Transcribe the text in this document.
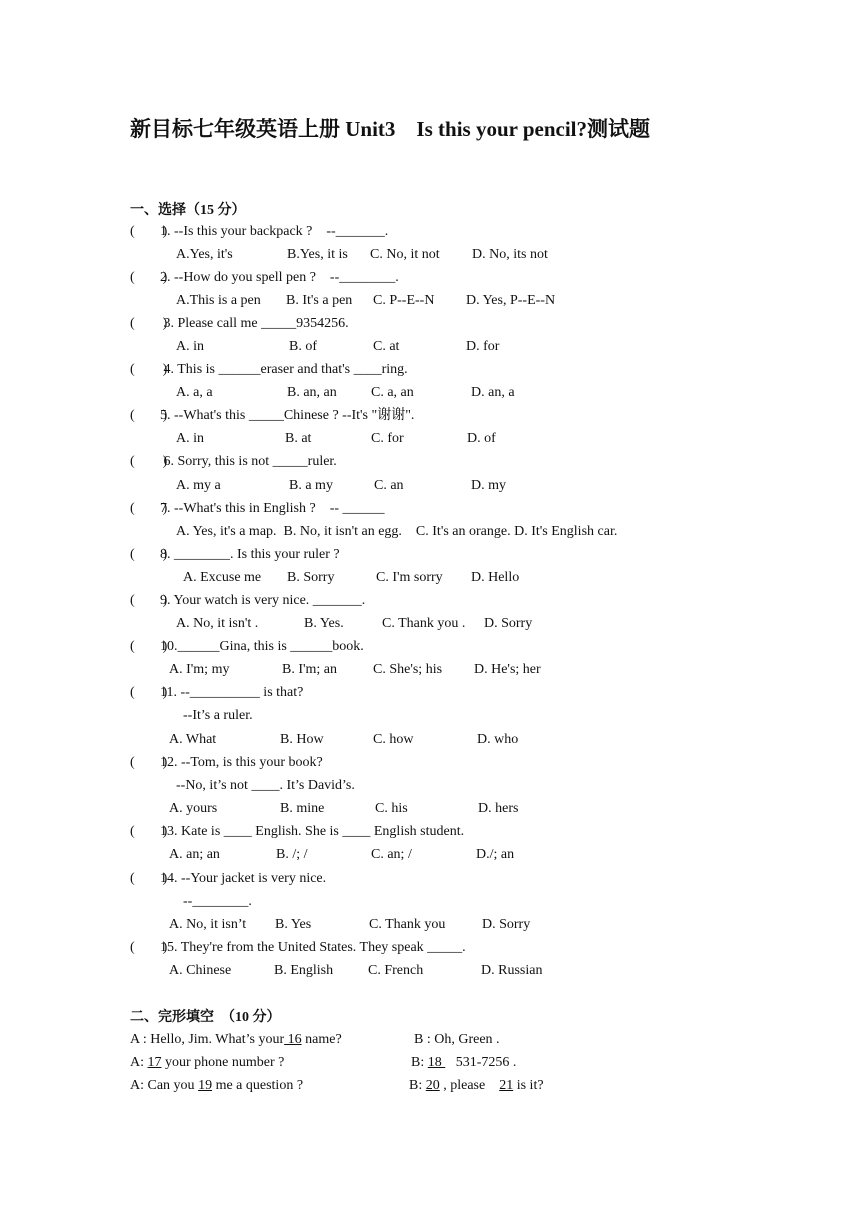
新目标七年级英语上册 Unit3　Is this your pencil?测试题
一、选择（15 分）
(　　)1. --Is this your backpack ?　--_______.
A.Yes, it's	B.Yes, it is C. No, it not D. No, its not
(　　)2. --How do you spell pen ?　--________.
A.This is a pen B. It's a pen C. P--E--N D. Yes, P--E--N
(　　) 3. Please call me _____9354256.
A. in	B. of	C. at	D. for
(　　) 4. This is ______eraser and that's ____ring.
A. a, a	B. an, an C. a, an	D. an, a
(　　)5. --What's this _____Chinese ? --It's "谢谢".
A. in	B. at	C. for	D. of
(　　) 6. Sorry, this is not _____ruler.
A. my a	B. a my	C. an	D. my
(　　)7. --What's this in English ?　-- ______
A. Yes, it's a map.  B. No, it isn't an egg.    C. It's an orange. D. It's English car.
(　　)8. ________. Is this your ruler ?
A. Excuse me B. Sorry	C. I'm sorry D. Hello
(　　)9. Your watch is very nice. _______.
A. No, it isn't .	B. Yes.	C. Thank you . D. Sorry
(　　)10.______Gina, this is ______book.
A. I'm; my	B. I'm; an	C. She's; his D. He's; her
(　　)11. --__________ is that?
--It’s a ruler.
A. What	B. How	C. how	D. who
(　　)12. --Tom, is this your book?
--No, it’s not ____. It’s David’s.
A. yours	B. mine	C. his	D. hers
(　　)13. Kate is ____ English. She is ____ English student.
A. an; an	B. /; /	C. an; /	D./; an
(　　)14. --Your jacket is very nice.
--________.
A. No, it isn’t B. Yes	C. Thank you	D. Sorry
(　　)15. They're from the United States. They speak _____.
A. Chinese	B. English C. French	D. Russian
二、完形填空　（10 分）
A : Hello, Jim. What’s your 16 name?	B : Oh, Green .
A: 17 your phone number ?	B: 18    531-7256 .
A: Can you 19 me a question ?	B: 20 , please　21 is it?
